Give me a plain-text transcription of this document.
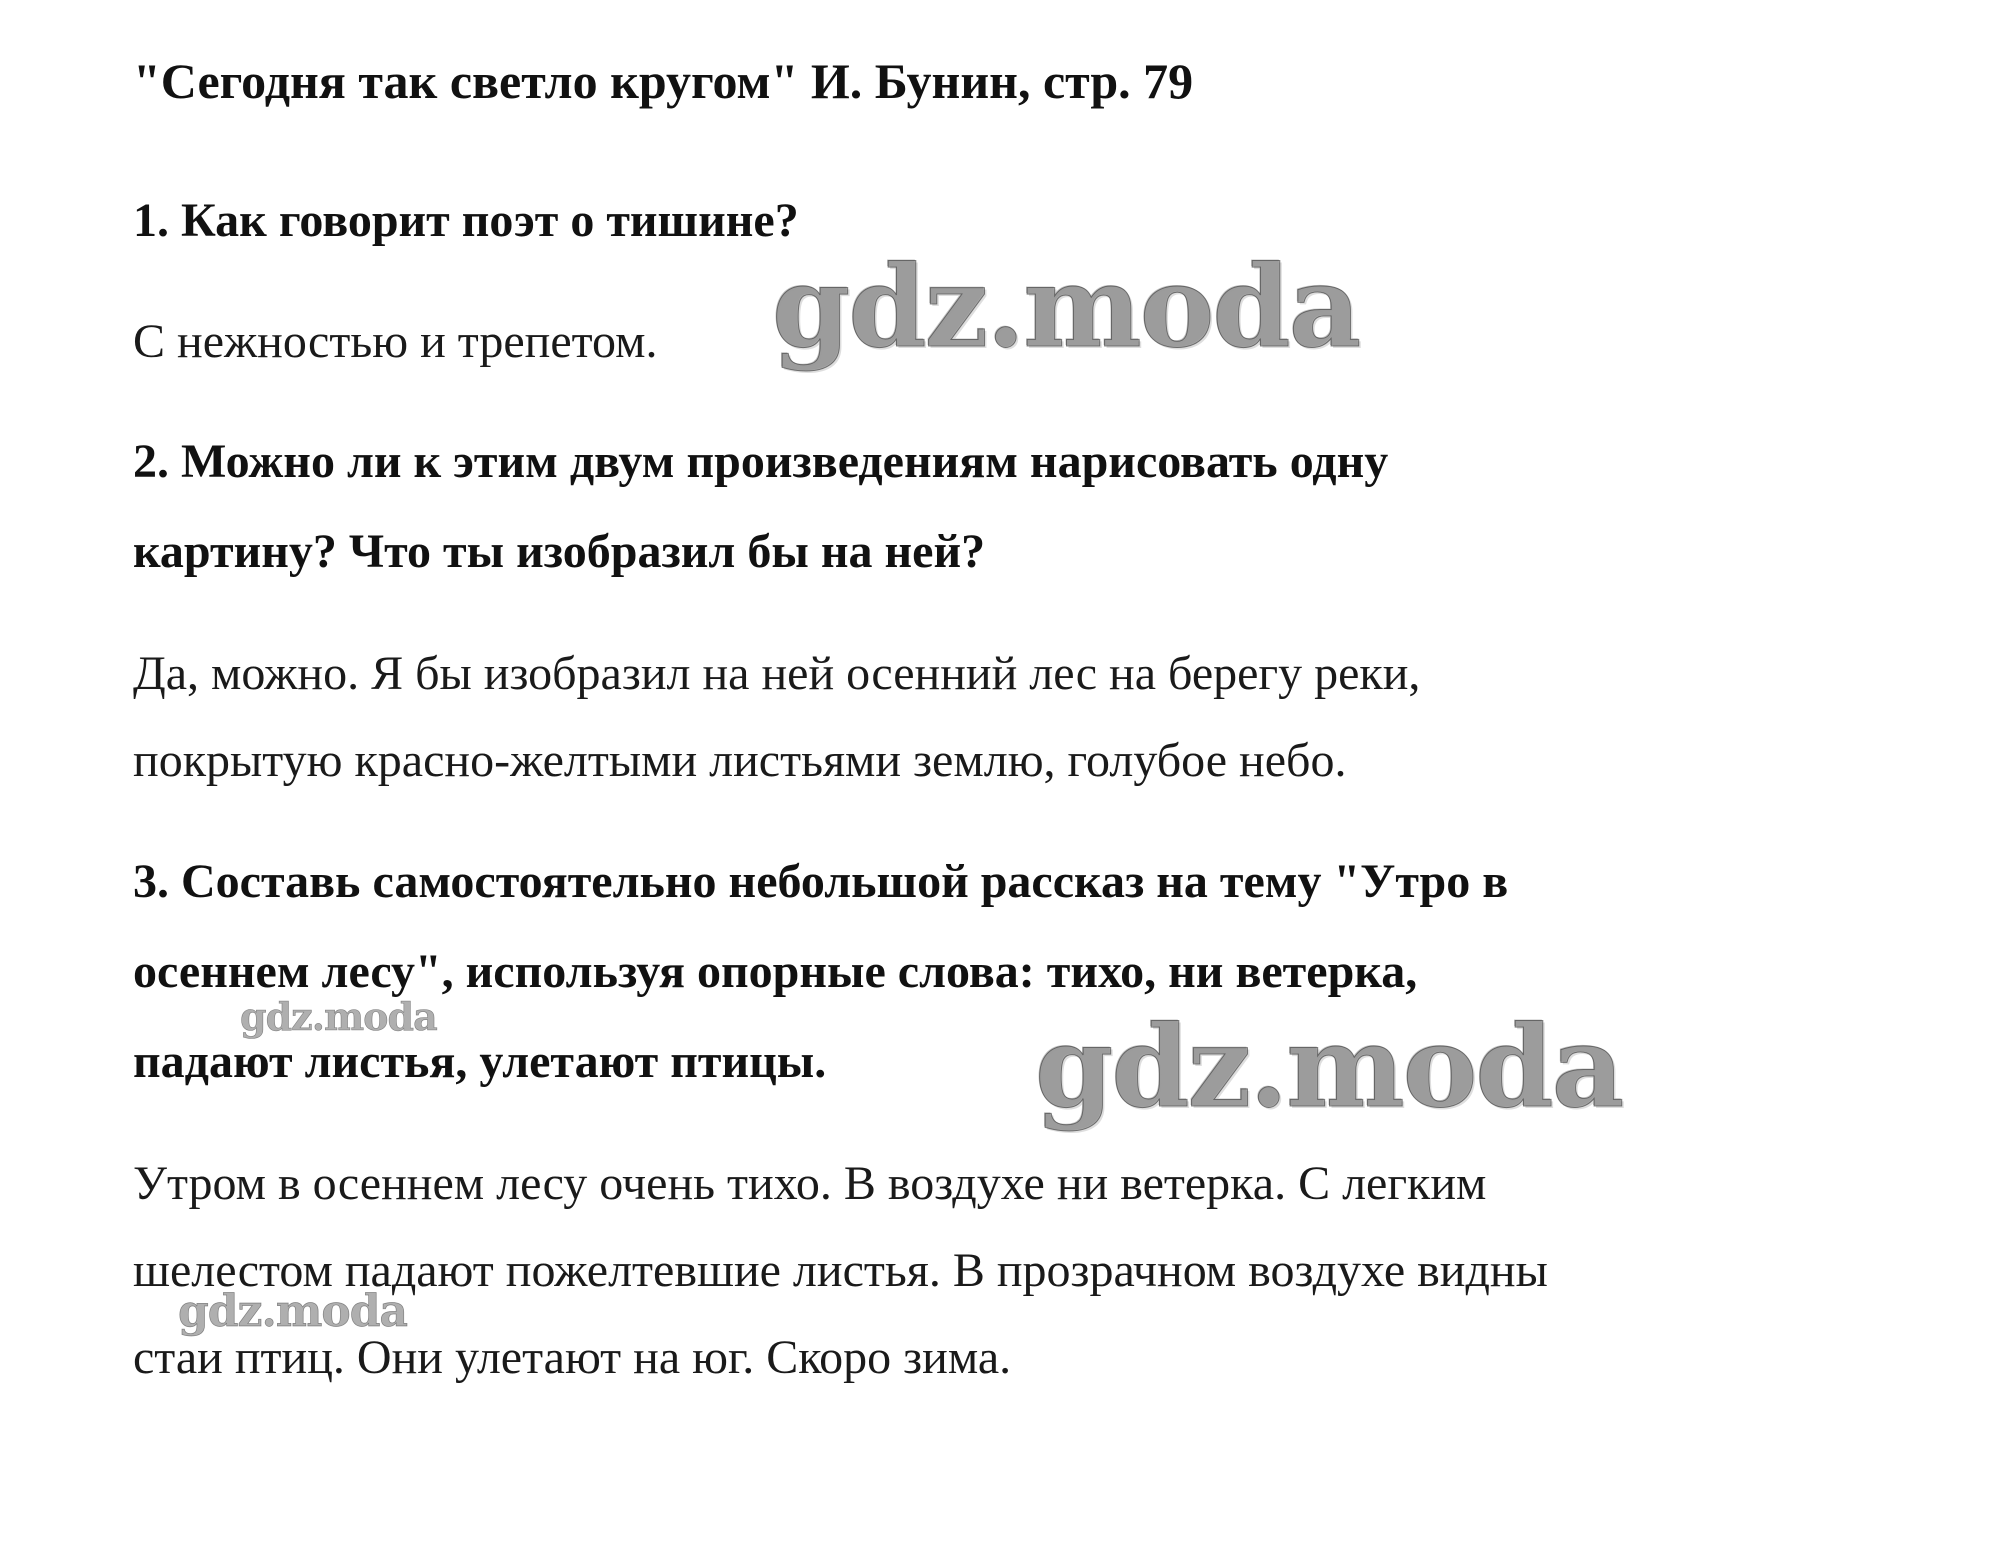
"Сегодня так светло кругом" И. Бунин, стр. 79
1. Как говорит поэт о тишине?
С нежностью и трепетом.
2. Можно ли к этим двум произведениям нарисовать одну
картину? Что ты изобразил бы на ней?
Да, можно. Я бы изобразил на ней осенний лес на берегу реки,
покрытую красно-желтыми листьями землю, голубое небо.
3. Составь самостоятельно небольшой рассказ на тему "Утро в
осеннем лесу", используя опорные слова: тихо, ни ветерка,
падают листья, улетают птицы.
Утром в осеннем лесу очень тихо. В воздухе ни ветерка. С легким
шелестом падают пожелтевшие листья. В прозрачном воздухе видны
стаи птиц. Они улетают на юг. Скоро зима.
gdz.moda
gdz.moda
gdz.moda
gdz.moda
